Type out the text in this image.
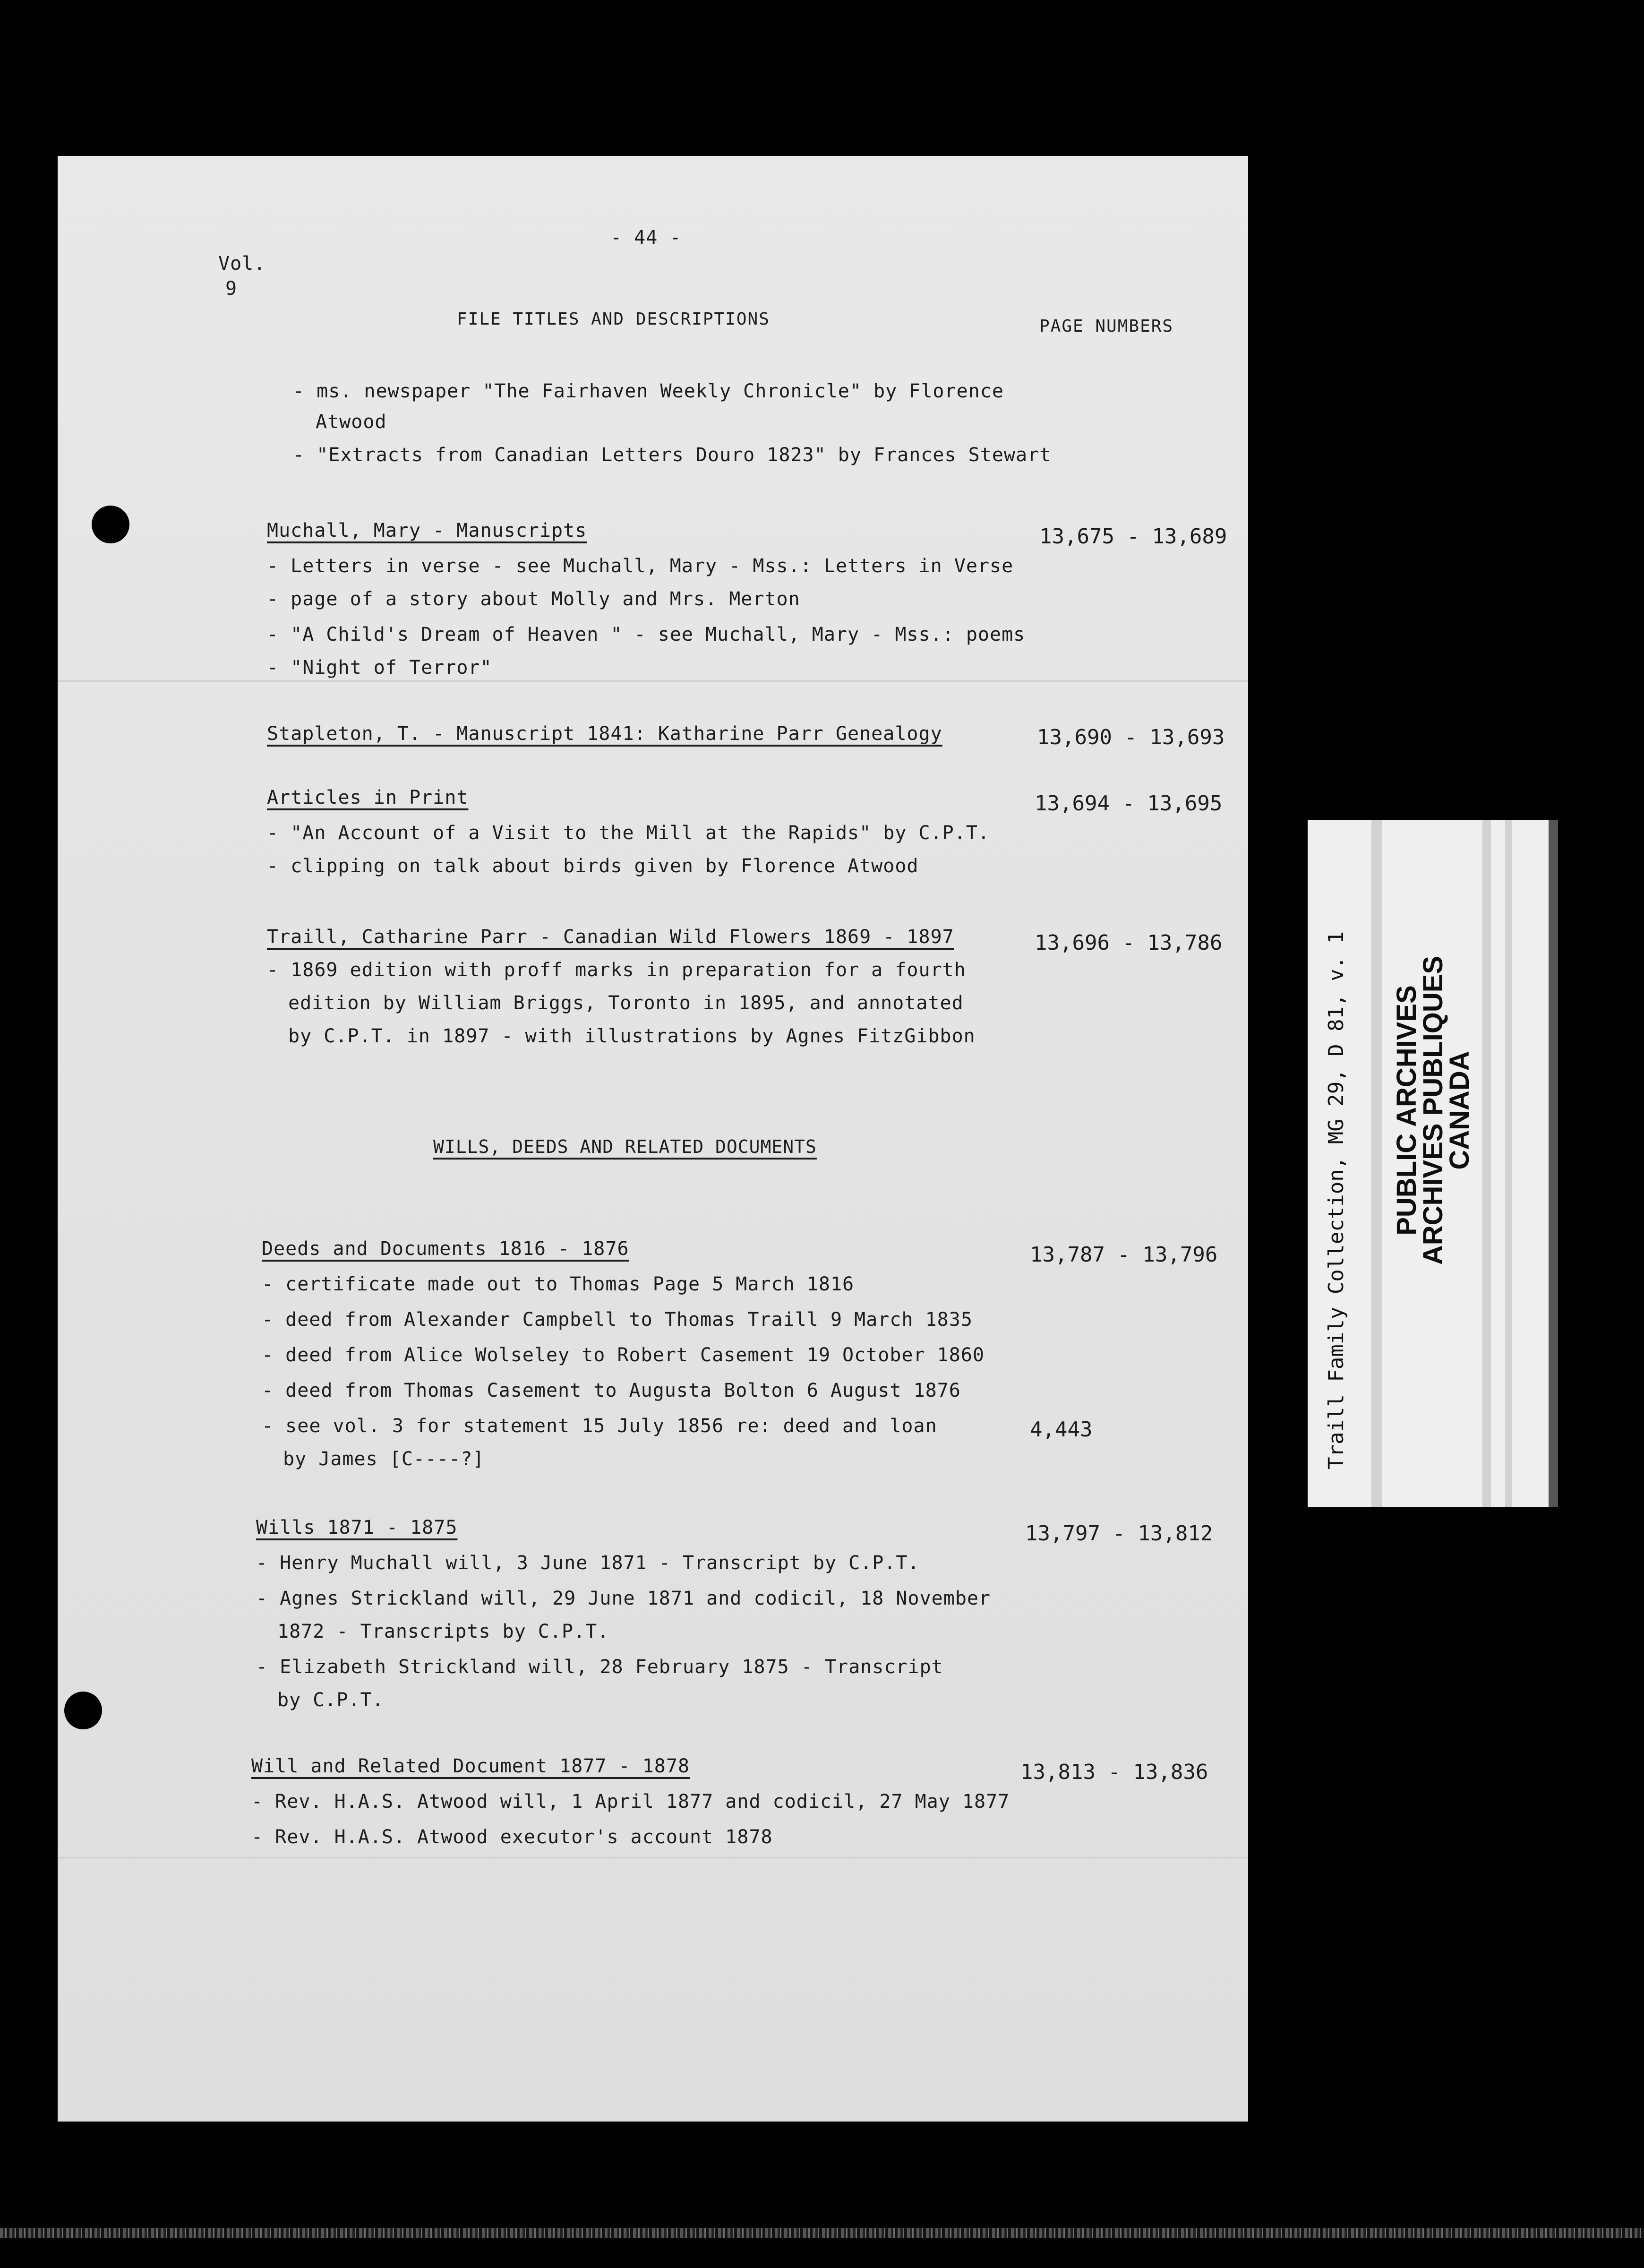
- 44 -
Vol.
9
FILE TITLES AND DESCRIPTIONS	PAGE NUMBERS
- ms. newspaper "The Fairhaven Weekly Chronicle" by Florence
Atwood
- "Extracts from Canadian Letters Douro 1823" by Frances Stewart
Muchall, Mary - Manuscripts	13,675 - 13,689
- Letters in verse - see Muchall, Mary - Mss.: Letters in Verse
- page of a story about Molly and Mrs. Merton
- "A Child's Dream of Heaven " - see Muchall, Mary - Mss.: poems
- "Night of Terror"
Stapleton, T. - Manuscript 1841: Katharine Parr Genealogy	13,690 - 13,693
Articles in Print	13,694 - 13,695
- "An Account of a Visit to the Mill at the Rapids" by C.P.T.
- clipping on talk about birds given by Florence Atwood
Traill, Catharine Parr - Canadian Wild Flowers 1869 - 1897	13,696 - 13,786
- 1869 edition with proff marks in preparation for a fourth
edition by William Briggs, Toronto in 1895, and annotated
by C.P.T. in 1897 - with illustrations by Agnes FitzGibbon
WILLS, DEEDS AND RELATED DOCUMENTS
Deeds and Documents 1816 - 1876	13,787 - 13,796
- certificate made out to Thomas Page 5 March 1816
- deed from Alexander Campbell to Thomas Traill 9 March 1835
- deed from Alice Wolseley to Robert Casement 19 October 1860
- deed from Thomas Casement to Augusta Bolton 6 August 1876
- see vol. 3 for statement 15 July 1856 re: deed and loan	4,443
by James [C----?]
Wills 1871 - 1875	13,797 - 13,812
- Henry Muchall will, 3 June 1871 - Transcript by C.P.T.
- Agnes Strickland will, 29 June 1871 and codicil, 18 November
1872 - Transcripts by C.P.T.
- Elizabeth Strickland will, 28 February 1875 - Transcript
by C.P.T.
Will and Related Document 1877 - 1878	13,813 - 13,836
- Rev. H.A.S. Atwood will, 1 April 1877 and codicil, 27 May 1877
- Rev. H.A.S. Atwood executor's account 1878
Traill Family Collection, MG 29, D 81, v. 1	PUBLIC ARCHIVES
ARCHIVES PUBLIQUES
CANADA
